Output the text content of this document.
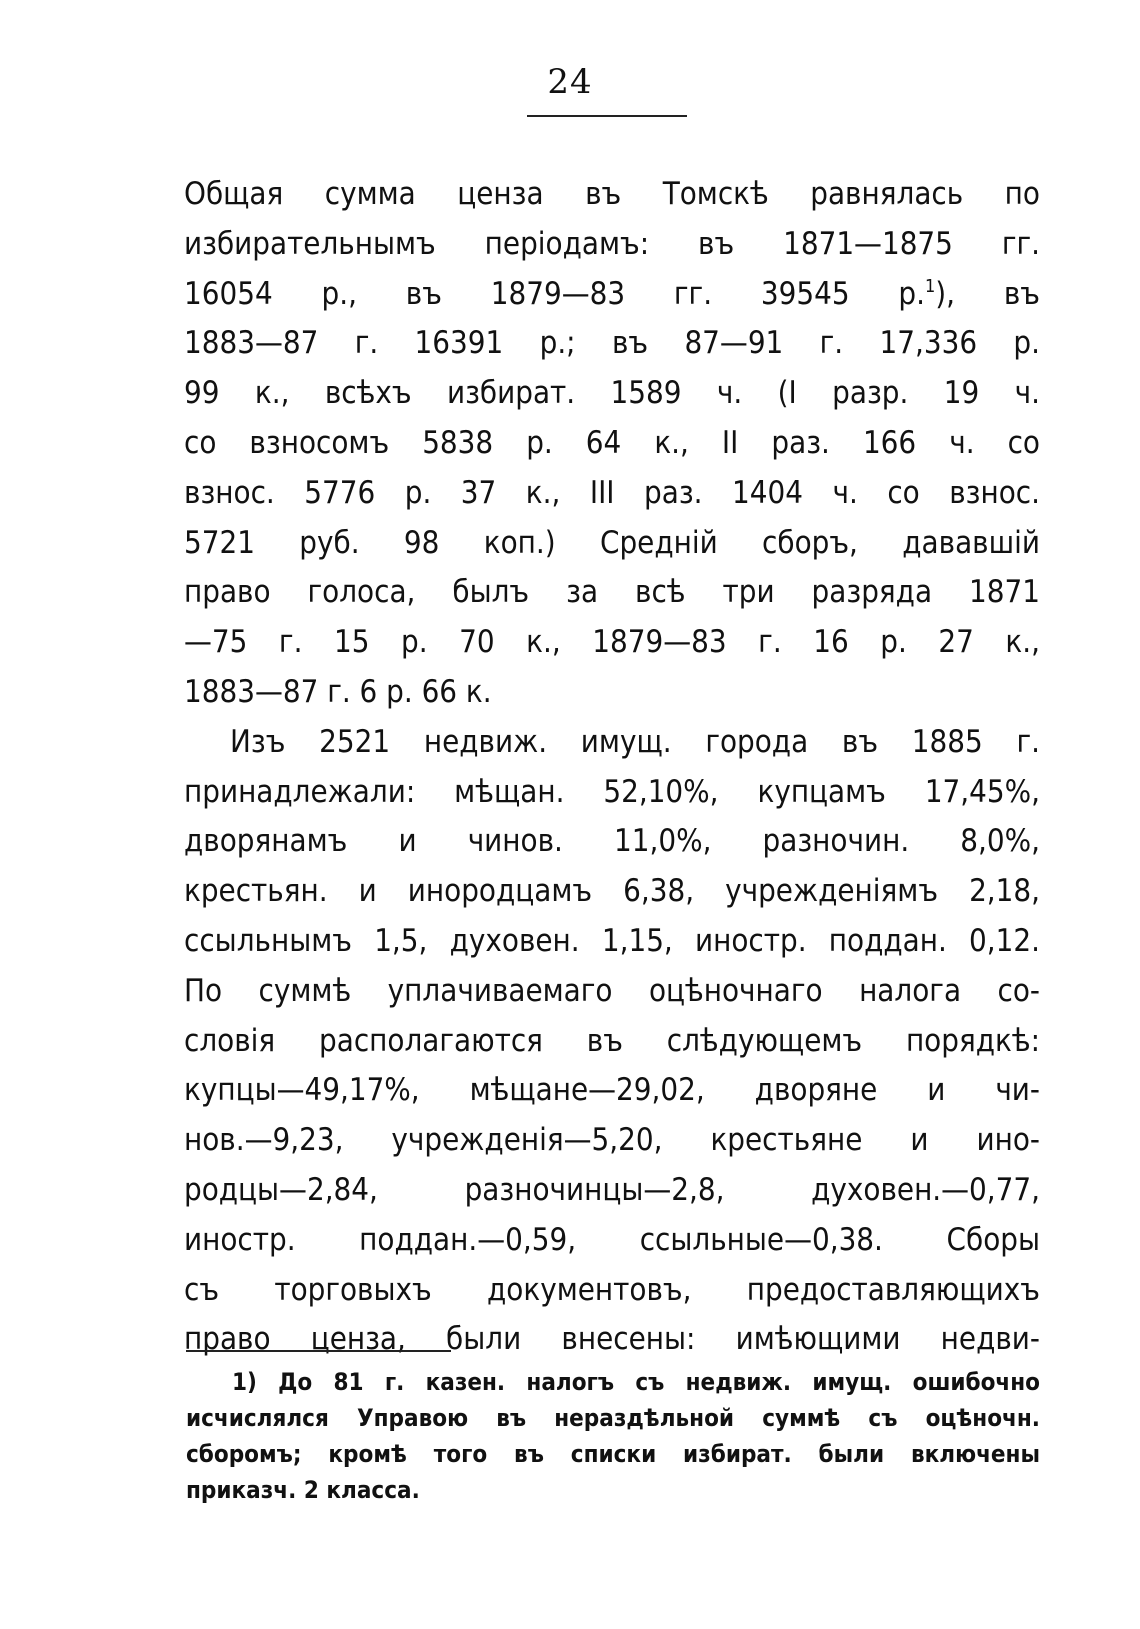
24
Общая сумма ценза въ Томскѣ равнялась по
избирательнымъ періодамъ: въ 1871—1875 гг.
16054 р., въ 1879—83 гг. 39545 р.$^1$), въ
1883—87 г. 16391 р.; въ 87—91 г. 17,336 р.
99 к., всѣхъ избират. 1589 ч. (I разр. 19 ч.
со взносомъ 5838 р. 64 к., II раз. 166 ч. со
взнос. 5776 р. 37 к., III раз. 1404 ч. со взнос.
5721 руб. 98 коп.) Средній сборъ, дававшій
право голоса, былъ за всѣ три разряда 1871
—75 г. 15 р. 70 к., 1879—83 г. 16 р. 27 к.,
1883—87 г. 6 р. 66 к.
Изъ 2521 недвиж. имущ. города въ 1885 г.
принадлежали: мѣщан. 52,10%, купцамъ 17,45%,
дворянамъ и чинов. 11,0%, разночин. 8,0%,
крестьян. и инородцамъ 6,38, учрежденіямъ 2,18,
ссыльнымъ 1,5, духовен. 1,15, иностр. поддан. 0,12.
По суммѣ уплачиваемаго оцѣночнаго налога со-
словія располагаются въ слѣдующемъ порядкѣ:
купцы—49,17%, мѣщане—29,02, дворяне и чи-
нов.—9,23, учрежденія—5,20, крестьяне и ино-
родцы—2,84, разночинцы—2,8, духовен.—0,77,
иностр. поддан.—0,59, ссыльные—0,38. Сборы
съ торговыхъ документовъ, предоставляющихъ
право ценза, были внесены: имѣющими недви-
1) До 81 г. казен. налогъ съ недвиж. имущ. ошибочно
исчислялся Управою въ нераздѣльной суммѣ съ оцѣночн.
сборомъ; кромѣ того въ списки избират. были включены
приказч. 2 класса.
